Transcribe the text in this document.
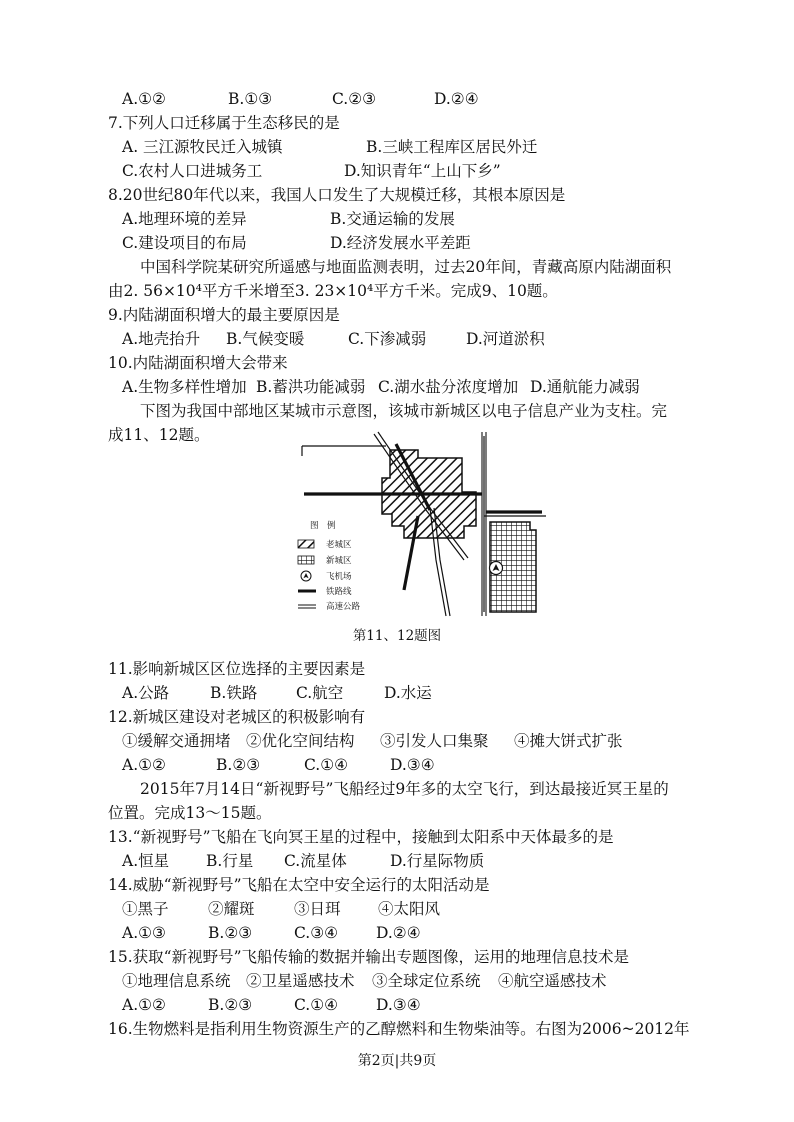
A.①②	B.①③	C.②③	D.②④
7.下列人口迁移属于生态移民的是
A. 三江源牧民迁入城镇	B.三峡工程库区居民外迁
C.农村人口进城务工	D.知识青年“上山下乡”
8.20世纪80年代以来，我国人口发生了大规模迁移，其根本原因是
A.地理环境的差异	B.交通运输的发展
C.建设项目的布局	D.经济发展水平差距
中国科学院某研究所遥感与地面监测表明，过去20年间，青藏高原内陆湖面积
由2. 56×10⁴平方千米增至3. 23×10⁴平方千米。完成9、10题。
9.内陆湖面积增大的最主要原因是
A.地壳抬升 B.气候变暖	C.下渗减弱	D.河道淤积
10.内陆湖面积增大会带来
A.生物多样性增加 B.蓄洪功能减弱 C.湖水盐分浓度增加 D.通航能力减弱
下图为我国中部地区某城市示意图，该城市新城区以电子信息产业为支柱。完
成11、12题。
11.影响新城区区位选择的主要因素是
A.公路	B.铁路 C.航空	D.水运
12.新城区建设对老城区的积极影响有
①缓解交通拥堵 ②优化空间结构 ③引发人口集聚 ④摊大饼式扩张
A.①②	B.②③	C.①④	D.③④
2015年7月14日“新视野号”飞船经过9年多的太空飞行，到达最接近冥王星的
位置。完成13～15题。
13.“新视野号”飞船在飞向冥王星的过程中，接触到太阳系中天体最多的是
A.恒星 B.行星 C.流星体	D.行星际物质
14.威胁“新视野号”飞船在太空中安全运行的太阳活动是
①黑子	②耀斑	③日珥 ④太阳风
A.①③	B.②③	C.③④ D.②④
15.获取“新视野号”飞船传输的数据并输出专题图像，运用的地理信息技术是
①地理信息系统 ②卫星遥感技术 ③全球定位系统 ④航空遥感技术
A.①②	B.②③	C.①④ D.③④
16.生物燃料是指利用生物资源生产的乙醇燃料和生物柴油等。右图为2006~2012年
图　例
老城区
新城区
飞机场
铁路线
高速公路
第11、12题图
第2页|共9页
